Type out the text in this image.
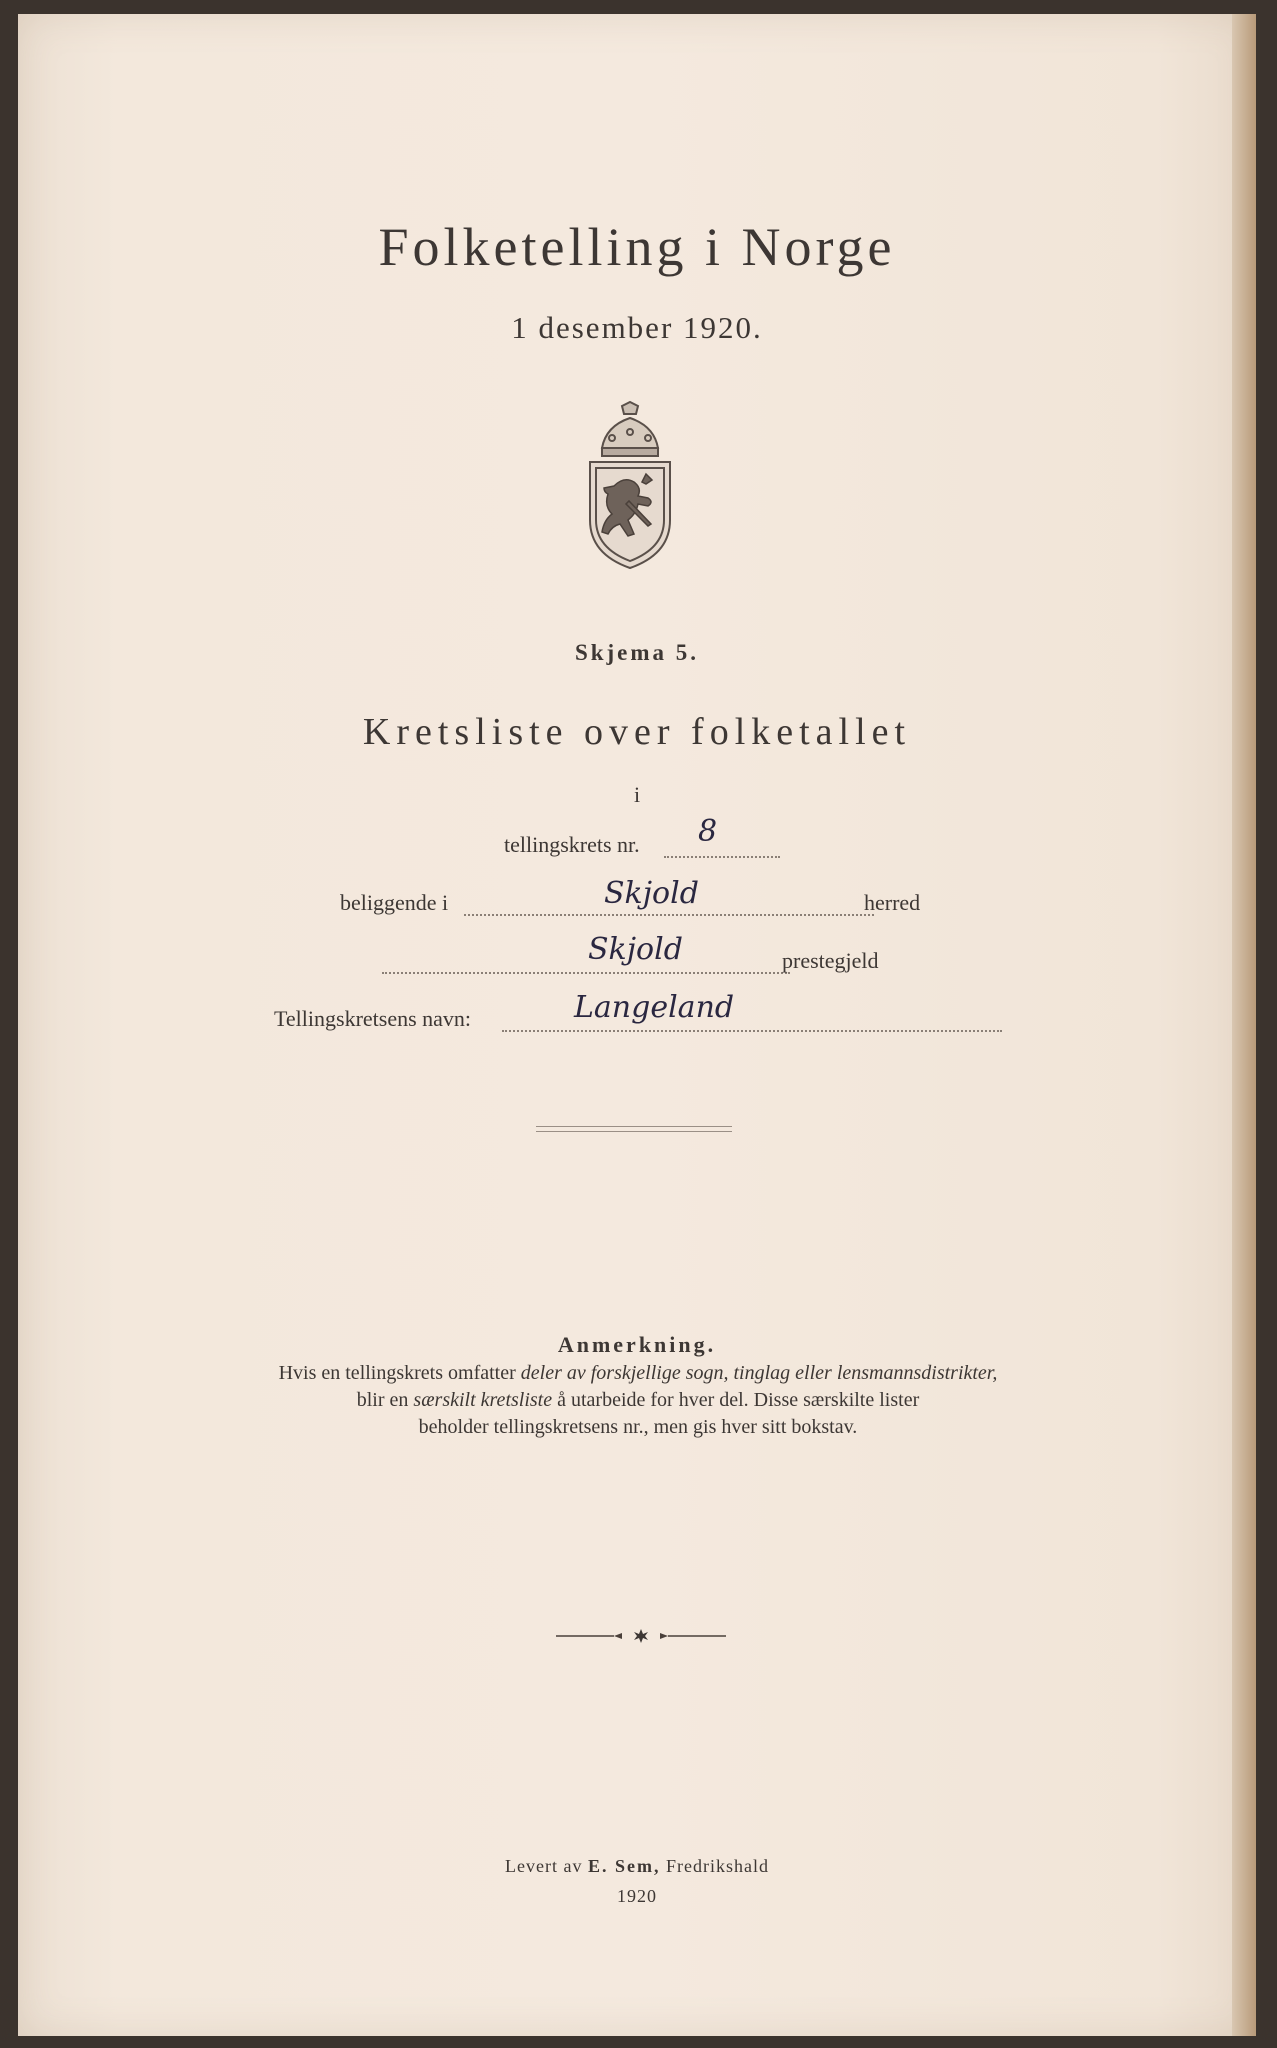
Folketelling i Norge
1 desember 1920.
Skjema 5.
Kretsliste over folketallet
i
tellingskrets nr. 8
beliggende i	Skjold	herred
Skjold	prestegjeld
Tellingskretsens navn:	Langeland
Anmerkning.
Hvis en tellingskrets omfatter deler av forskjellige sogn, tinglag eller lensmannsdistrikter,
blir en særskilt kretsliste å utarbeide for hver del. Disse særskilte lister
beholder tellingskretsens nr., men gis hver sitt bokstav.
Levert av E. Sem, Fredrikshald
1920
